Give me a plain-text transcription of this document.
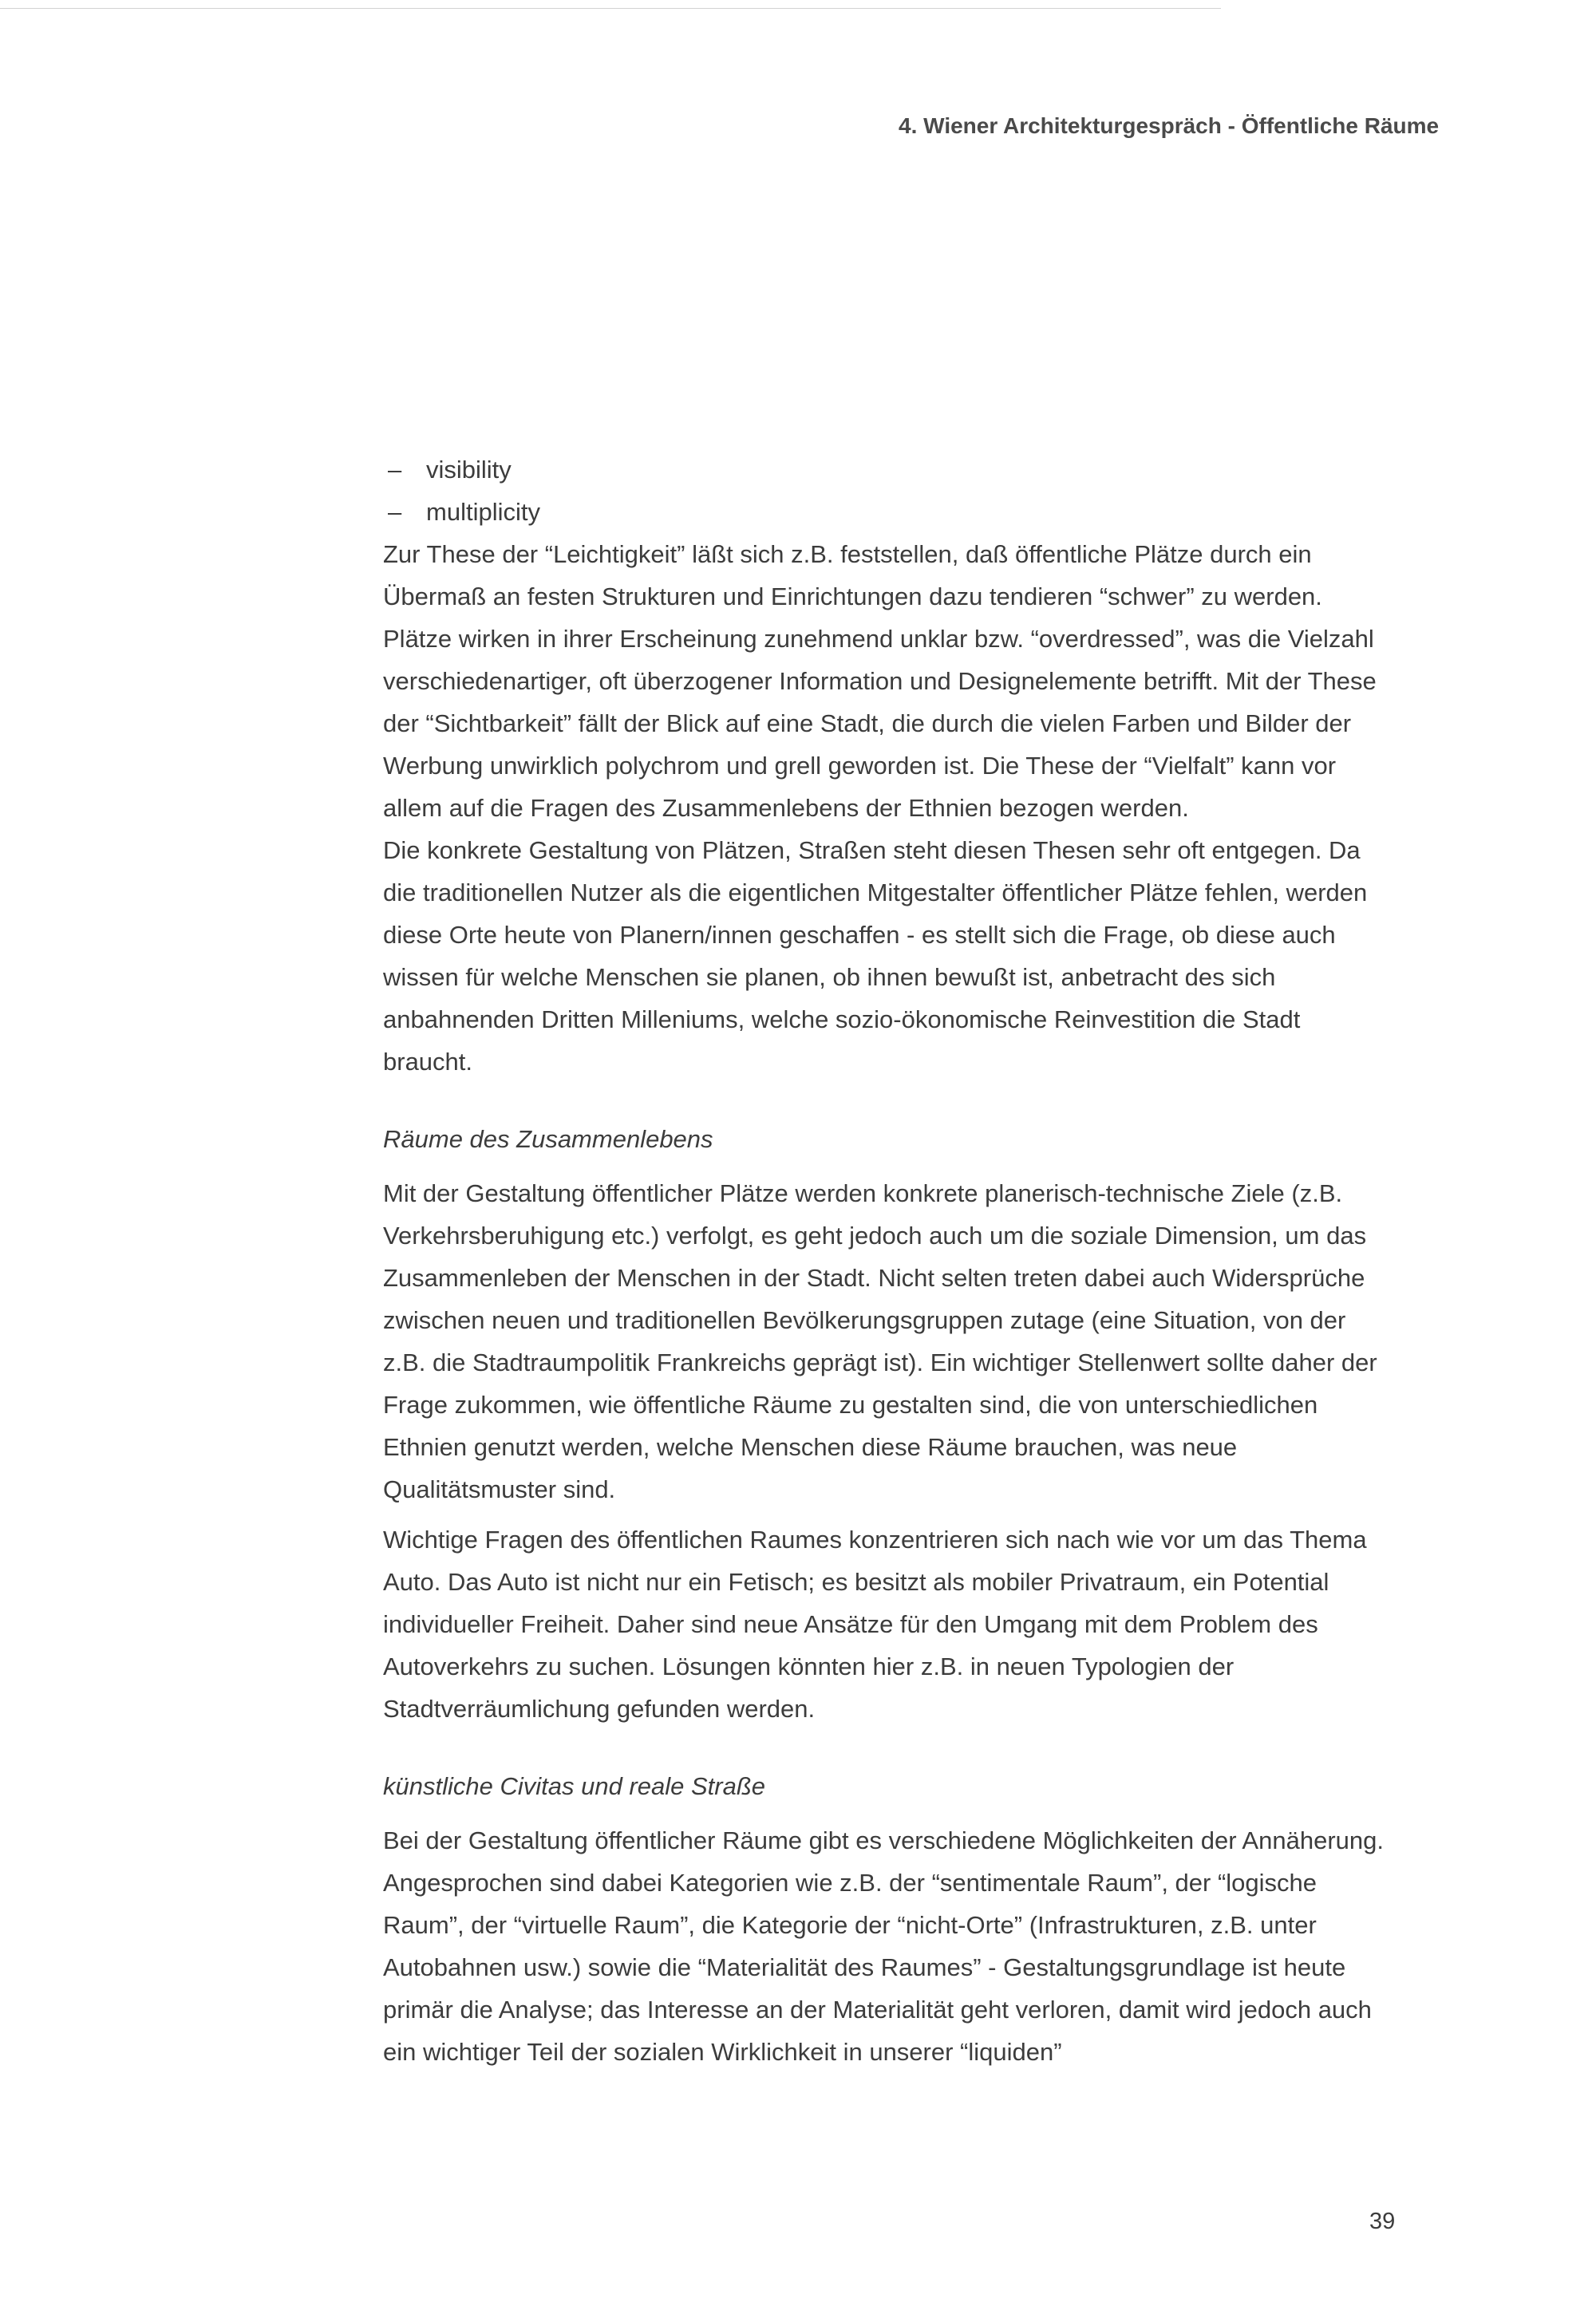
4. Wiener Architekturgespräch - Öffentliche Räume
– visibility
– multiplicity

Zur These der “Leichtigkeit” läßt sich z.B. feststellen, daß öffentliche Plätze durch ein Übermaß an festen Strukturen und Einrichtungen dazu tendieren “schwer” zu werden. Plätze wirken in ihrer Erscheinung zunehmend unklar bzw. “overdressed”, was die Vielzahl verschiedenartiger, oft überzogener Information und Designelemente betrifft. Mit der These der “Sichtbarkeit” fällt der Blick auf eine Stadt, die durch die vielen Farben und Bilder der Werbung unwirklich polychrom und grell geworden ist. Die These der “Vielfalt” kann vor allem auf die Fragen des Zusammenlebens der Ethnien bezogen werden.

Die konkrete Gestaltung von Plätzen, Straßen steht diesen Thesen sehr oft entgegen. Da die traditionellen Nutzer als die eigentlichen Mitgestalter öffentlicher Plätze fehlen, werden diese Orte heute von Planern/innen geschaffen - es stellt sich die Frage, ob diese auch wissen für welche Menschen sie planen, ob ihnen bewußt ist, anbetracht des sich anbahnenden Dritten Milleniums, welche sozio-ökonomische Reinvestition die Stadt braucht.

Räume des Zusammenlebens

Mit der Gestaltung öffentlicher Plätze werden konkrete planerisch-technische Ziele (z.B. Verkehrsberuhigung etc.) verfolgt, es geht jedoch auch um die soziale Dimension, um das Zusammenleben der Menschen in der Stadt. Nicht selten treten dabei auch Widersprüche zwischen neuen und traditionellen Bevölkerungsgruppen zutage (eine Situation, von der z.B. die Stadtraumpolitik Frankreichs geprägt ist). Ein wichtiger Stellenwert sollte daher der Frage zukommen, wie öffentliche Räume zu gestalten sind, die von unterschiedlichen Ethnien genutzt werden, welche Menschen diese Räume brauchen, was neue Qualitätsmuster sind.

Wichtige Fragen des öffentlichen Raumes konzentrieren sich nach wie vor um das Thema Auto. Das Auto ist nicht nur ein Fetisch; es besitzt als mobiler Privatraum, ein Potential individueller Freiheit. Daher sind neue Ansätze für den Umgang mit dem Problem des Autoverkehrs zu suchen. Lösungen könnten hier z.B. in neuen Typologien der Stadtverräumlichung gefunden werden.

künstliche Civitas und reale Straße

Bei der Gestaltung öffentlicher Räume gibt es verschiedene Möglichkeiten der Annäherung. Angesprochen sind dabei Kategorien wie z.B. der “sentimentale Raum”, der “logische Raum”, der “virtuelle Raum”, die Kategorie der “nicht-Orte” (Infrastrukturen, z.B. unter Autobahnen usw.) sowie die “Materialität des Raumes” - Gestaltungsgrundlage ist heute primär die Analyse; das Interesse an der Materialität geht verloren, damit wird jedoch auch ein wichtiger Teil der sozialen Wirklichkeit in unserer “liquiden”

39
